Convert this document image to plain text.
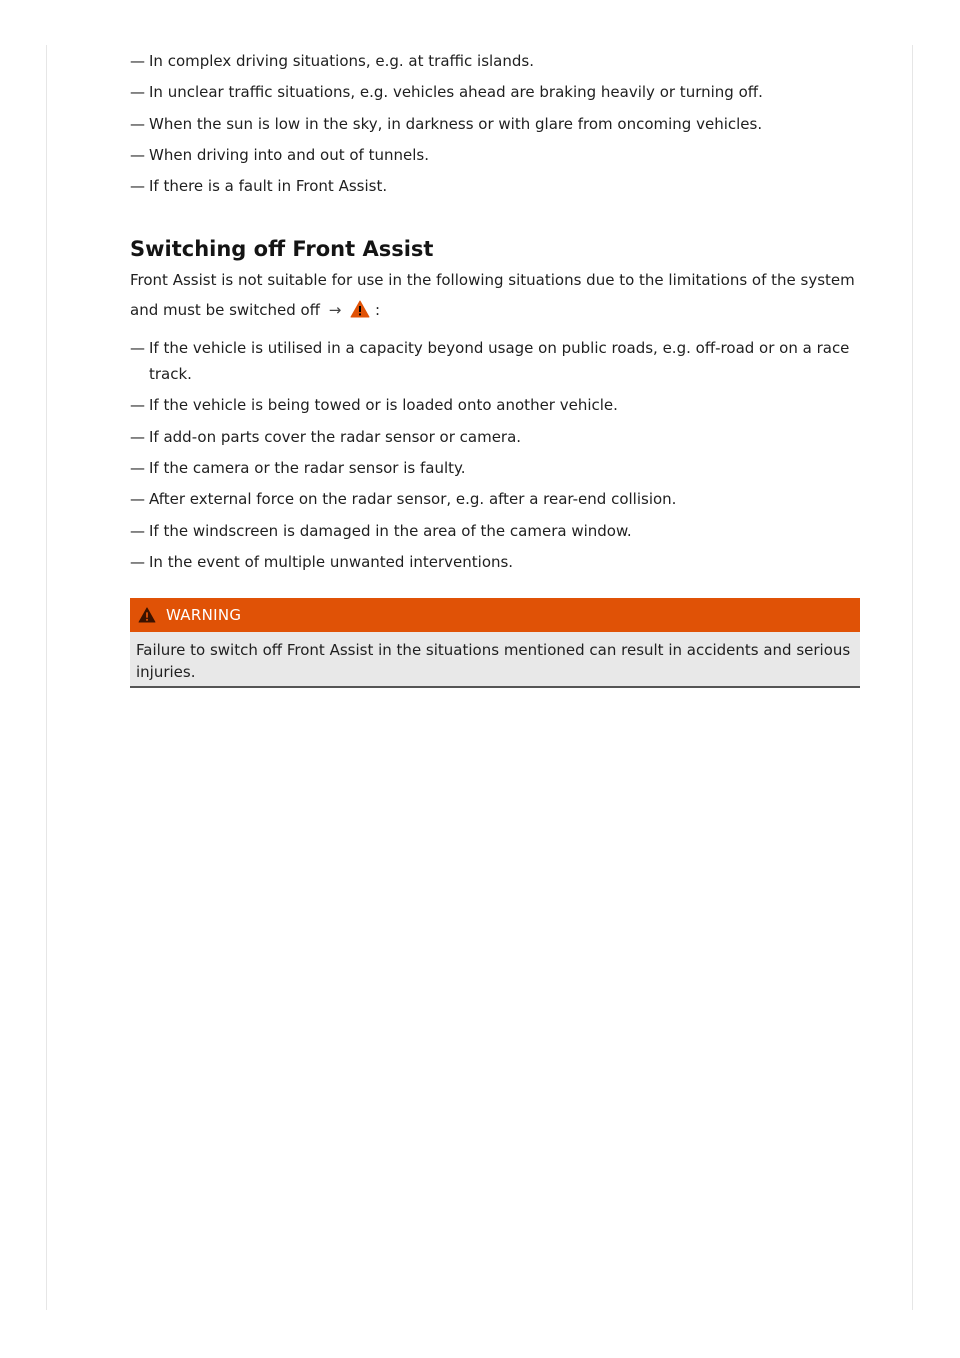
— In complex driving situations, e.g. at traffic islands.
— In unclear traffic situations, e.g. vehicles ahead are braking heavily or turning off.
— When the sun is low in the sky, in darkness or with glare from oncoming vehicles.
— When driving into and out of tunnels.
— If there is a fault in Front Assist.
Switching off Front Assist

Front Assist is not suitable for use in the following situations due to the limitations of the system and must be switched off → :

— If the vehicle is utilised in a capacity beyond usage on public roads, e.g. off-road or on a race track.
— If the vehicle is being towed or is loaded onto another vehicle.
— If add-on parts cover the radar sensor or camera.
— If the camera or the radar sensor is faulty.
— After external force on the radar sensor, e.g. after a rear-end collision.
— If the windscreen is damaged in the area of the camera window.
— In the event of multiple unwanted interventions.
WARNING
Failure to switch off Front Assist in the situations mentioned can result in accidents and serious injuries.
